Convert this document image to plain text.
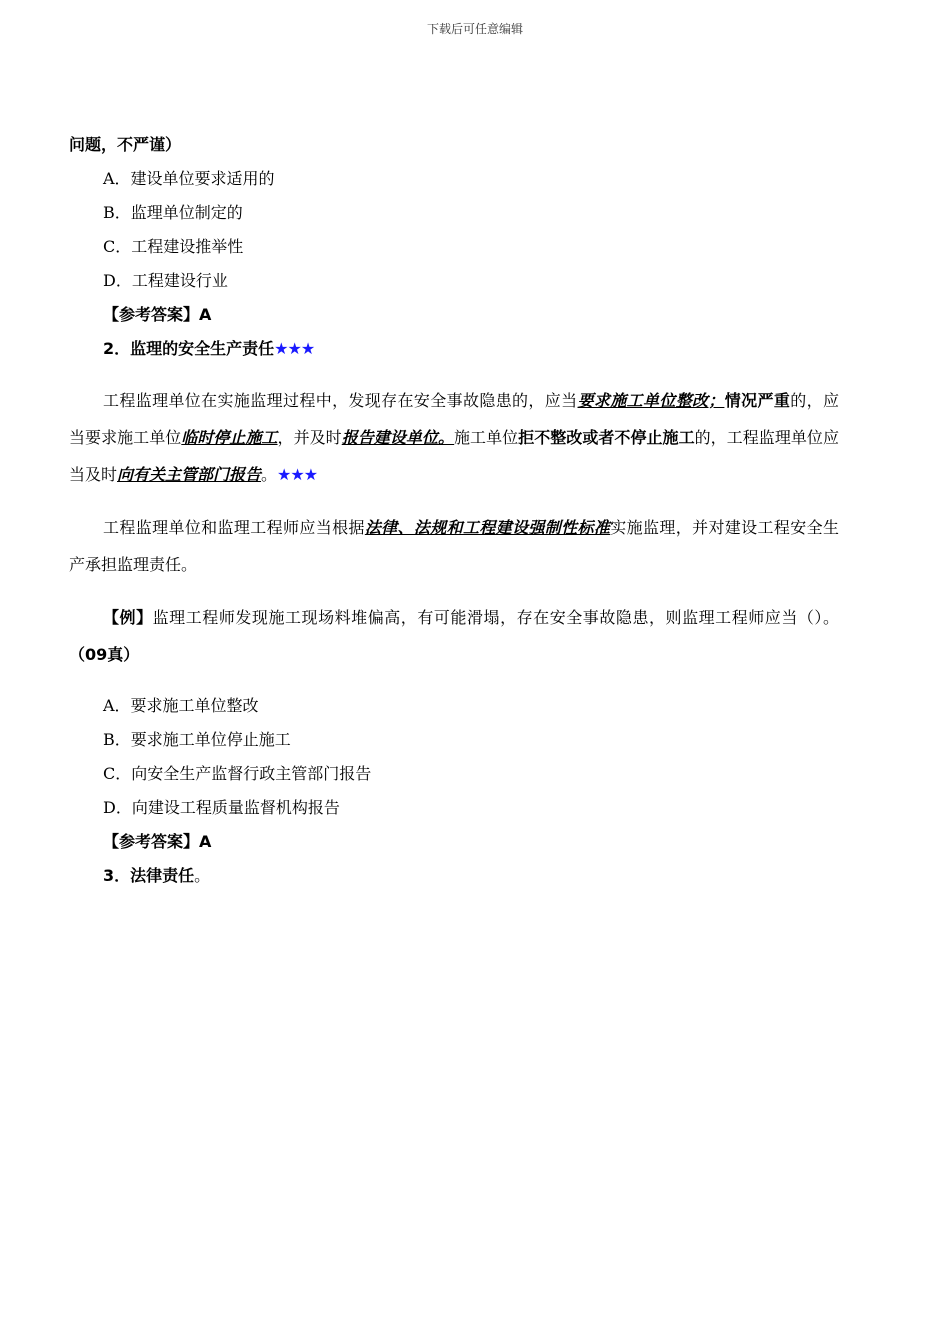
下载后可任意编辑

问题，不严谨）

A．建设单位要求适用的

B．监理单位制定的

C．工程建设推举性

D．工程建设行业

【参考答案】A

2．监理的安全生产责任★★★

工程监理单位在实施监理过程中，发现存在安全事故隐患的，应当要求施工单位整改；情况严重的，应当要求施工单位临时停止施工，并及时报告建设单位。施工单位拒不整改或者不停止施工的，工程监理单位应当及时向有关主管部门报告。★★★

工程监理单位和监理工程师应当根据法律、法规和工程建设强制性标准实施监理，并对建设工程安全生产承担监理责任。

【例】监理工程师发现施工现场料堆偏高，有可能滑塌，存在安全事故隐患，则监理工程师应当（）。（09真）

A．要求施工单位整改

B．要求施工单位停止施工

C．向安全生产监督行政主管部门报告

D．向建设工程质量监督机构报告

【参考答案】A

3．法律责任。
